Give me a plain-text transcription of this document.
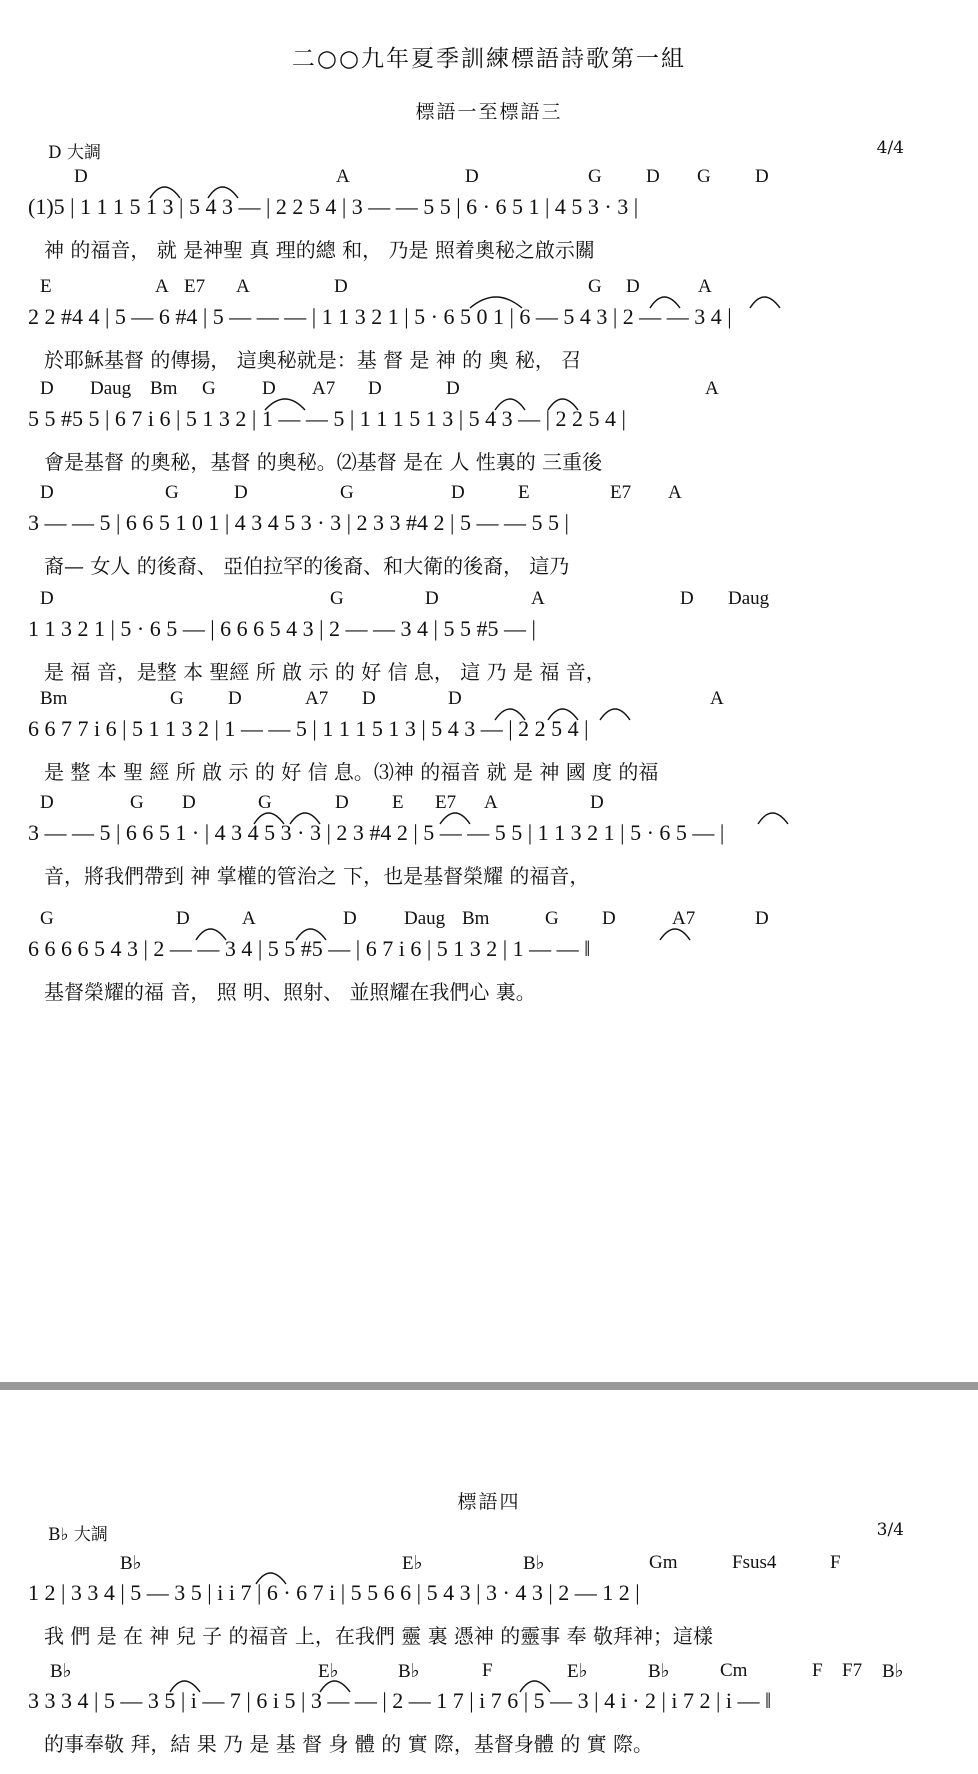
二○○九年夏季訓練標語詩歌第一組
標語一至標語三
D 大調	4/4
D	A	D	G D G D
(1)5 | 1 1 1 5 1 3 | 5 4 3 — | 2 2 5 4 | 3 — — 5 5 | 6 · 6 5 1 | 4 5 3 · 3 |
神 的福音， 就 是神聖 真 理的總 和， 乃是 照着奧秘之啟示關
E	A E7 A	D	G D	A
2 2 #4 4 | 5 — 6 #4 | 5 — — — | 1 1 3 2 1 | 5 · 6 5 0 1 | 6 — 5 4 3 | 2 — — 3 4 |
於耶穌基督 的傳揚， 這奧秘就是：基 督 是 神 的 奧 秘， 召
D Daug Bm G D A7 D	D	A
5 5 #5 5 | 6 7 i 6 | 5 1 3 2 | 1 — — 5 | 1 1 1 5 1 3 | 5 4 3 — | 2 2 5 4 |
會是基督 的奧秘，基督 的奧秘。⑵基督 是在 人 性裏的 三重後
D	G	D	G	D	E	E7 A
3 — — 5 | 6 6 5 1 0 1 | 4 3 4 5 3 · 3 | 2 3 3 #4 2 | 5 — — 5 5 |
裔— 女人 的後裔、 亞伯拉罕的後裔、和大衛的後裔， 這乃
D	G	D	A	D Daug
1 1 3 2 1 | 5 · 6 5 — | 6 6 6 5 4 3 | 2 — — 3 4 | 5 5 #5 — |
是 福 音，是整 本 聖經 所 啟 示 的 好 信 息， 這 乃 是 福 音，
Bm	G D	A7 D	D	A
6 6 7 7 i 6 | 5 1 1 3 2 | 1 — — 5 | 1 1 1 5 1 3 | 5 4 3 — | 2 2 5 4 |
是 整 本 聖 經 所 啟 示 的 好 信 息。⑶神 的福音 就 是 神 國 度 的福
D	G D	G	D E E7 A	D
3 — — 5 | 6 6 5 1 · | 4 3 4 5 3 · 3 | 2 3 #4 2 | 5 — — 5 5 | 1 1 3 2 1 | 5 · 6 5 — |
音，將我們帶到 神 掌權的管治之 下，也是基督榮耀 的福音，
G	D	A	D Daug Bm	G D	A7	D
6 6 6 6 5 4 3 | 2 — — 3 4 | 5 5 #5 — | 6 7 i 6 | 5 1 3 2 | 1 — — ‖
基督榮耀的福 音， 照 明、照射、 並照耀在我們心 裏。
標語四
B♭ 大調	3/4
B♭	E♭	B♭	Gm	Fsus4	F
1 2 | 3 3 4 | 5 — 3 5 | i i 7 | 6 · 6 7 i | 5 5 6 6 | 5 4 3 | 3 · 4 3 | 2 — 1 2 |
我 們 是 在 神 兒 子 的福音 上，在我們 靈 裏 憑神 的靈事 奉 敬拜神；這樣
B♭	E♭	B♭	F	E♭	B♭	Cm	F F7 B♭
3 3 3 4 | 5 — 3 5 | i — 7 | 6 i 5 | 3 — — | 2 — 1 7 | i 7 6 | 5 — 3 | 4 i · 2 | i 7 2 | i — ‖
的事奉敬 拜，結 果 乃 是 基 督 身 體 的 實 際，基督身體 的 實 際。
